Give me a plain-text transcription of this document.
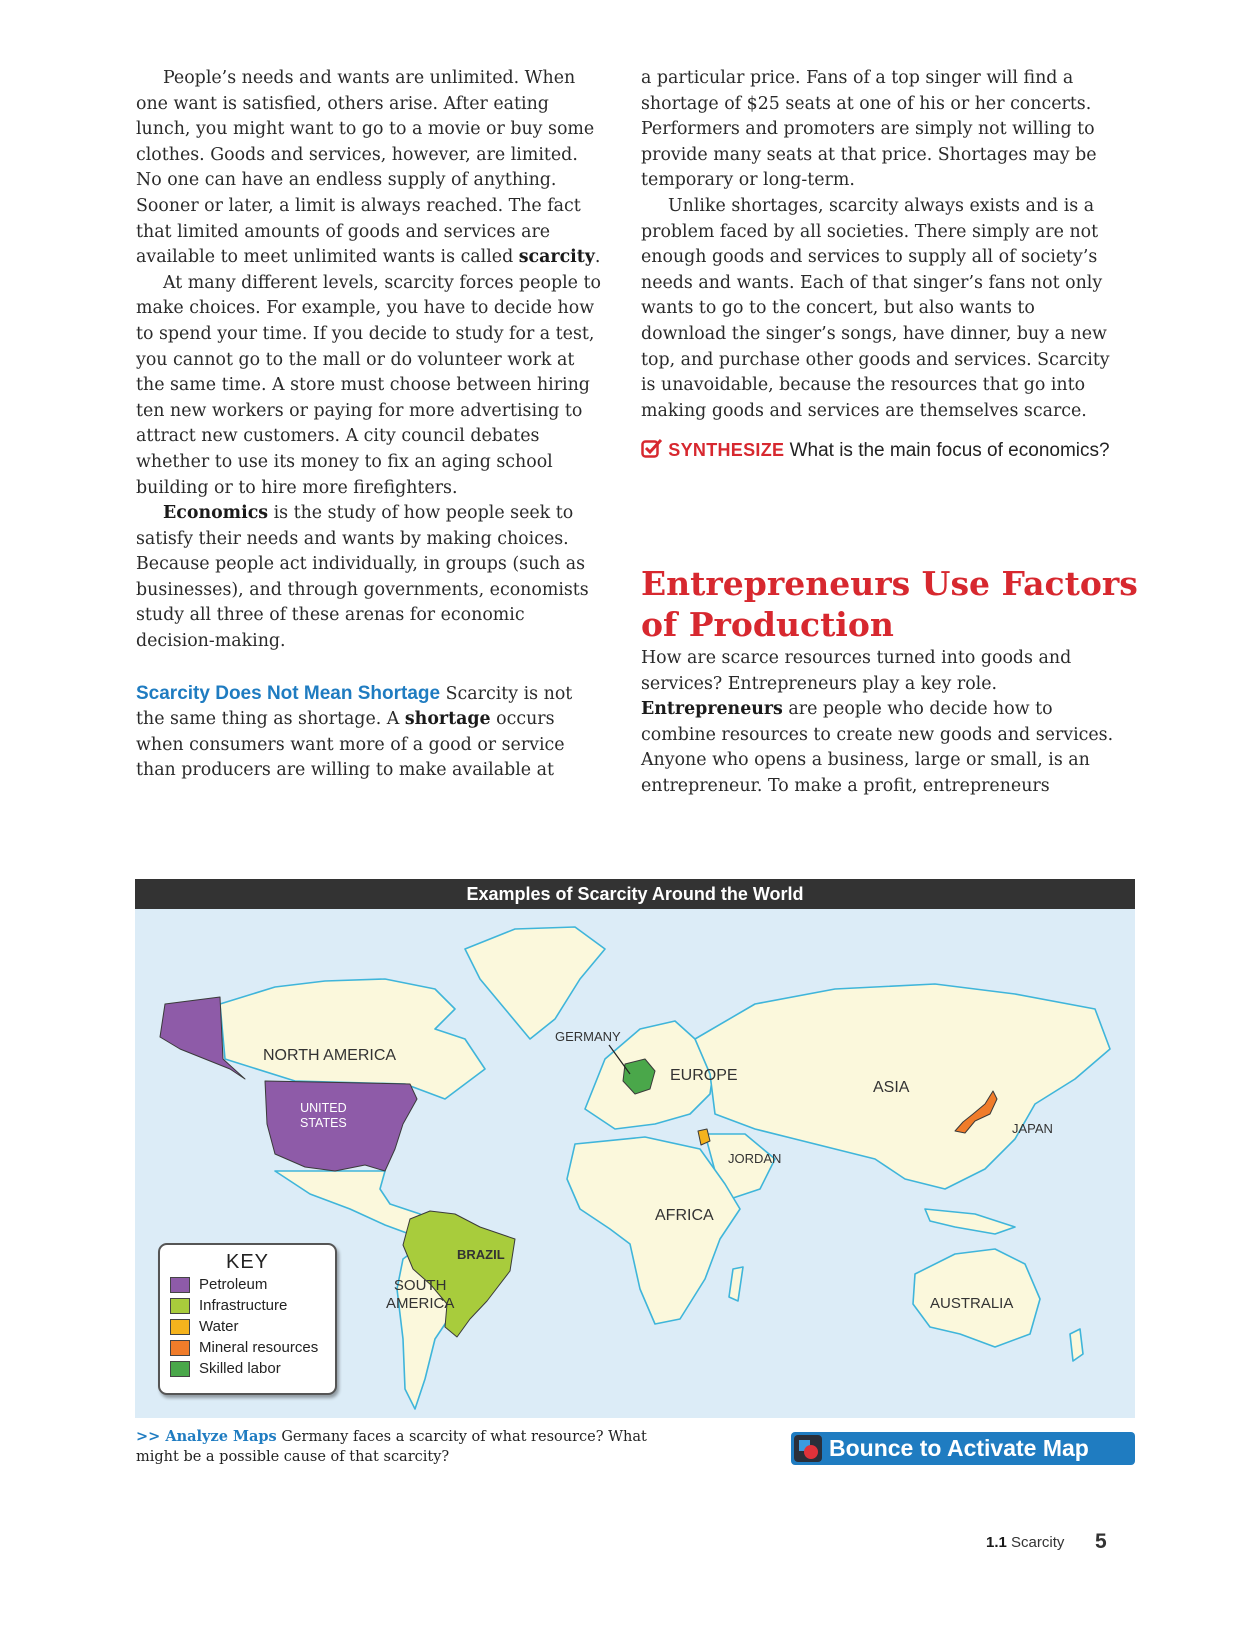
People’s needs and wants are unlimited. When one want is satisfied, others arise. After eating lunch, you might want to go to a movie or buy some clothes. Goods and services, however, are limited. No one can have an endless supply of anything. Sooner or later, a limit is always reached. The fact that limited amounts of goods and services are available to meet unlimited wants is called scarcity.

At many different levels, scarcity forces people to make choices. For example, you have to decide how to spend your time. If you decide to study for a test, you cannot go to the mall or do volunteer work at the same time. A store must choose between hiring ten new workers or paying for more advertising to attract new customers. A city council debates whether to use its money to fix an aging school building or to hire more firefighters.

Economics is the study of how people seek to satisfy their needs and wants by making choices. Because people act individually, in groups (such as businesses), and through governments, economists study all three of these arenas for economic decision-making.

Scarcity Does Not Mean Shortage Scarcity is not the same thing as shortage. A shortage occurs when consumers want more of a good or service than producers are willing to make available at

a particular price. Fans of a top singer will find a shortage of $25 seats at one of his or her concerts. Performers and promoters are simply not willing to provide many seats at that price. Shortages may be temporary or long-term.

Unlike shortages, scarcity always exists and is a problem faced by all societies. There simply are not enough goods and services to supply all of society’s needs and wants. Each of that singer’s fans not only wants to go to the concert, but also wants to download the singer’s songs, have dinner, buy a new top, and purchase other goods and services. Scarcity is unavoidable, because the resources that go into making goods and services are themselves scarce.

SYNTHESIZE What is the main focus of economics?

Entrepreneurs Use Factors of Production

How are scarce resources turned into goods and services? Entrepreneurs play a key role. Entrepreneurs are people who decide how to combine resources to create new goods and services. Anyone who opens a business, large or small, is an entrepreneur. To make a profit, entrepreneurs

Examples of Scarcity Around the World
NORTH AMERICA
UNITED
STATES
GERMANY
EUROPE
ASIA
JAPAN
JORDAN
AFRICA
BRAZIL
SOUTH
AMERICA	AUSTRALIA
KEY
Petroleum
Infrastructure
Water
Mineral resources
Skilled labor
>> Analyze Maps Germany faces a scarcity of what resource? What might be a possible cause of that scarcity?	Bounce to Activate Map
1.1 Scarcity 5
